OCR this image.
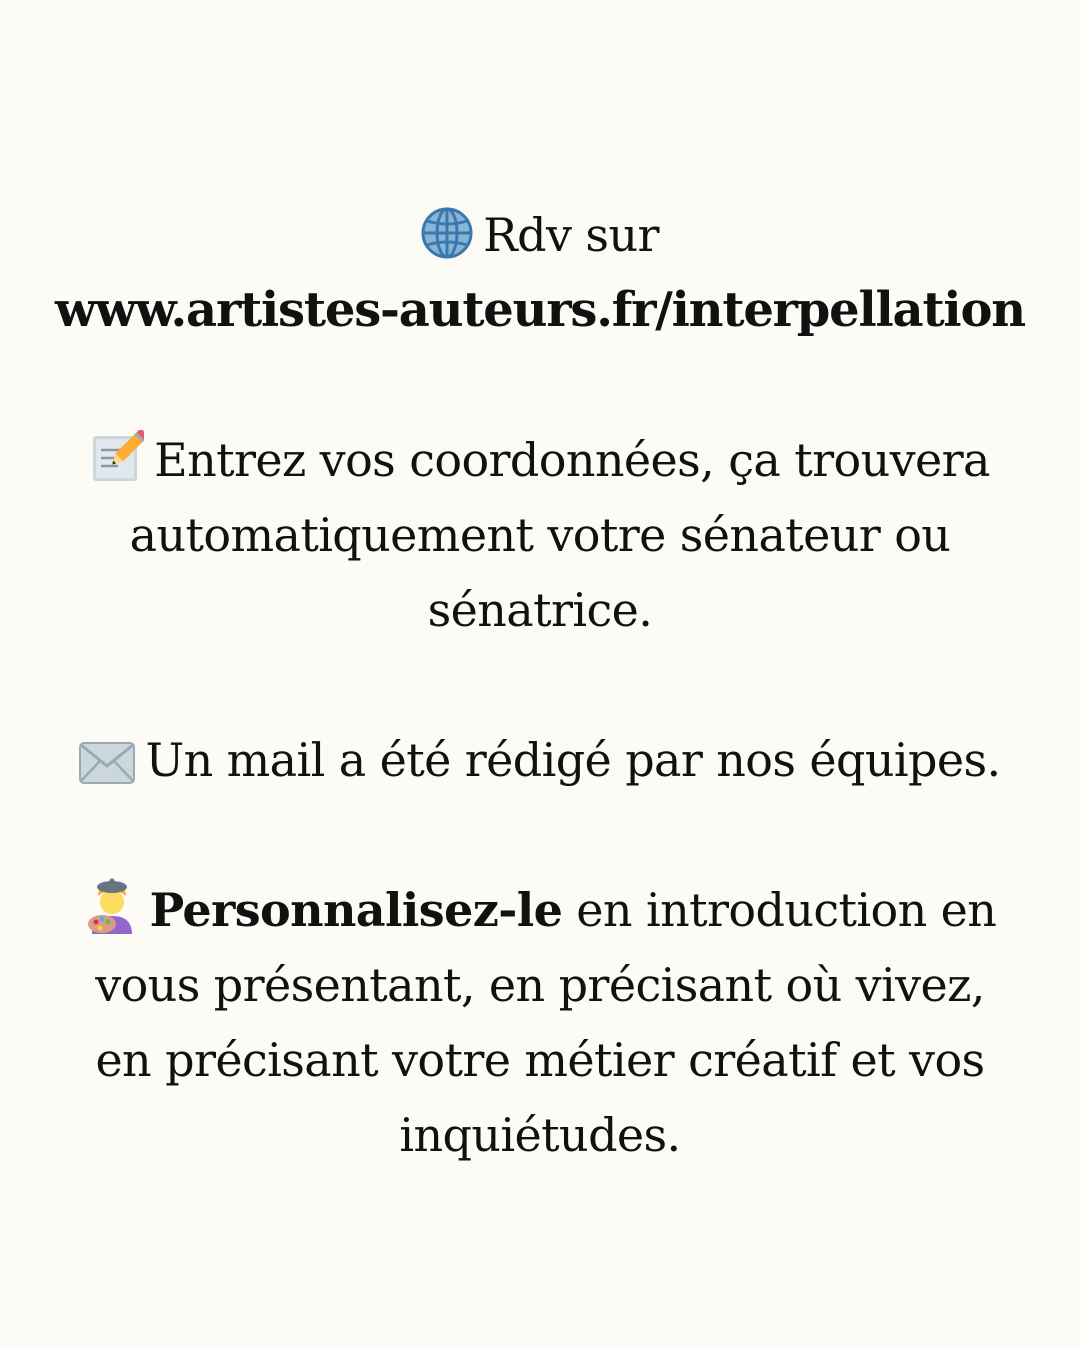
Rdv sur
www.artistes-auteurs.fr/interpellation
Entrez vos coordonnées, ça trouvera
automatiquement votre sénateur ou
sénatrice.
Un mail a été rédigé par nos équipes.
Personnalisez-le en introduction en
vous présentant, en précisant où vivez,
en précisant votre métier créatif et vos
inquiétudes.
